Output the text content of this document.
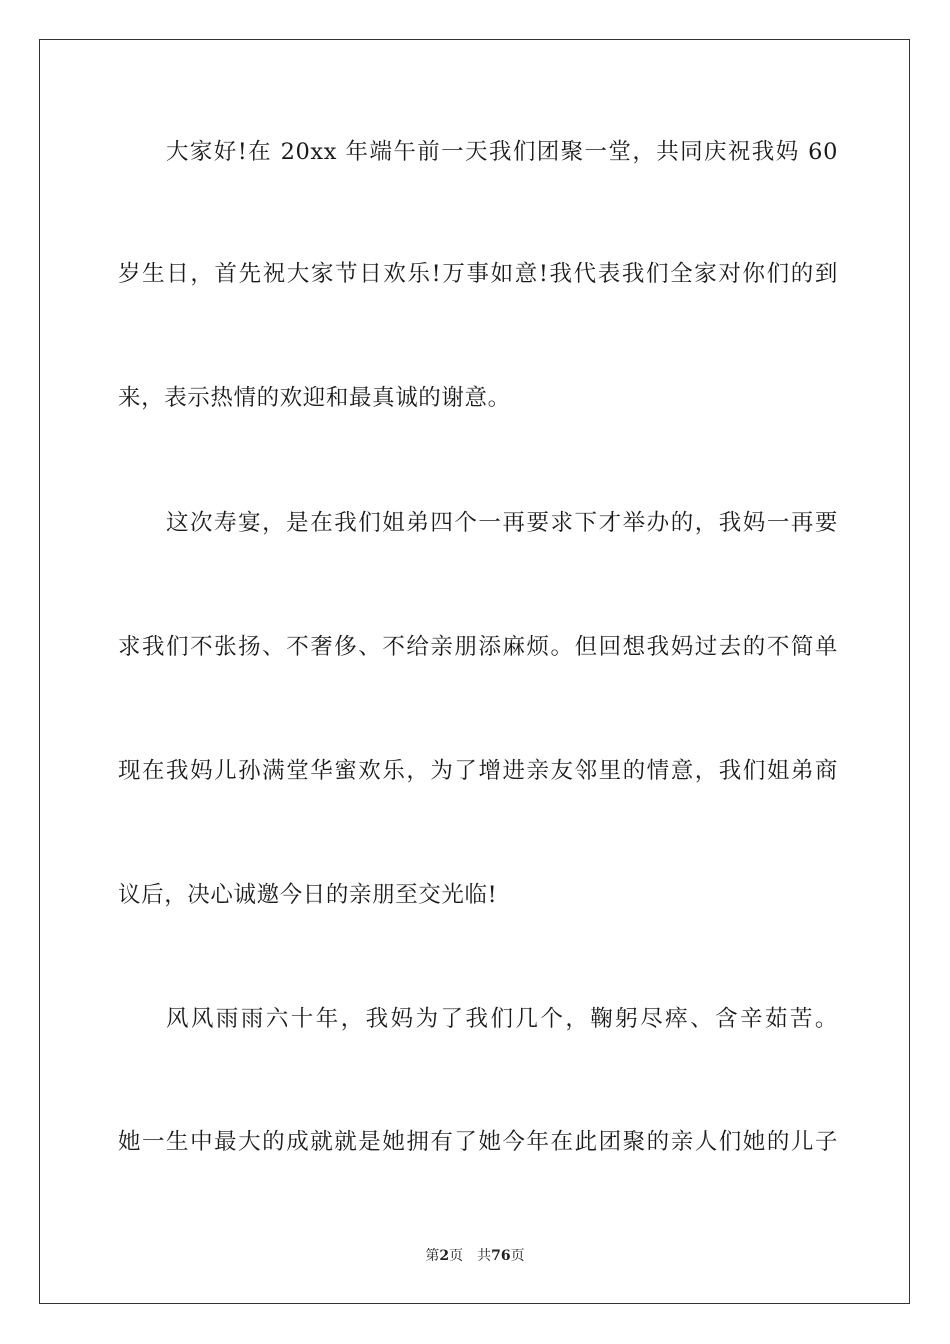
大家好!在 20xx 年端午前一天我们团聚一堂，共同庆祝我妈 60
岁生日，首先祝大家节日欢乐!万事如意!我代表我们全家对你们的到
来，表示热情的欢迎和最真诚的谢意。
这次寿宴，是在我们姐弟四个一再要求下才举办的，我妈一再要
求我们不张扬、不奢侈、不给亲朋添麻烦。但回想我妈过去的不简单
现在我妈儿孙满堂华蜜欢乐，为了增进亲友邻里的情意，我们姐弟商
议后，决心诚邀今日的亲朋至交光临!
风风雨雨六十年，我妈为了我们几个，鞠躬尽瘁、含辛茹苦。
她一生中最大的成就就是她拥有了她今年在此团聚的亲人们她的儿子
第2页 共76页
